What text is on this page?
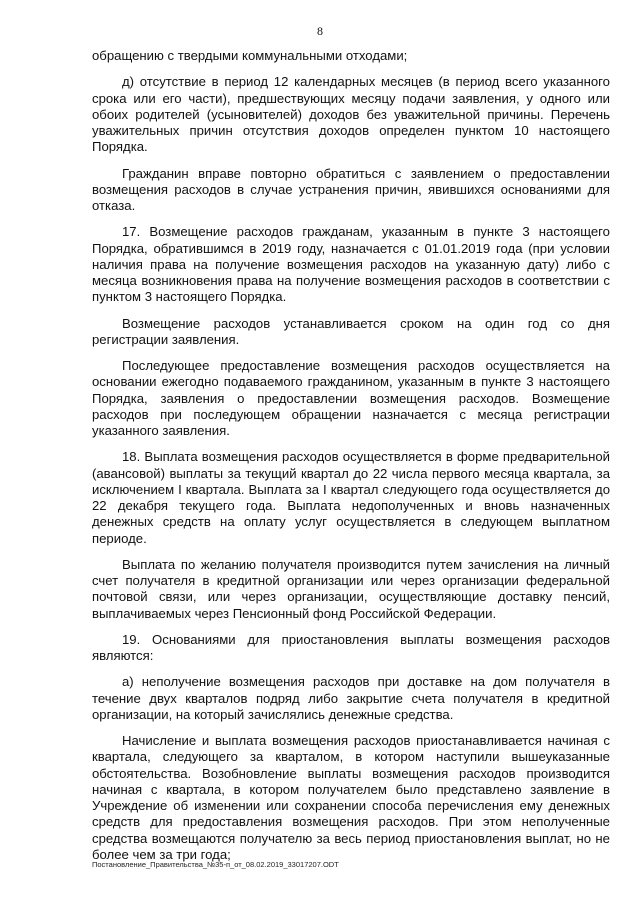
8

обращению с твердыми коммунальными отходами;

д) отсутствие в период 12 календарных месяцев (в период всего указанного срока или его части), предшествующих месяцу подачи заявления, у одного или обоих родителей (усыновителей) доходов без уважительной причины. Перечень уважительных причин отсутствия доходов определен пунктом 10 настоящего Порядка.

Гражданин вправе повторно обратиться с заявлением о предоставлении возмещения расходов в случае устранения причин, явившихся основаниями для отказа.

17. Возмещение расходов гражданам, указанным в пункте 3 настоящего Порядка, обратившимся в 2019 году, назначается с 01.01.2019 года (при условии наличия права на получение возмещения расходов на указанную дату) либо с месяца возникновения права на получение возмещения расходов в соответствии с пунктом 3 настоящего Порядка.

Возмещение расходов устанавливается сроком на один год со дня регистрации заявления.

Последующее предоставление возмещения расходов осуществляется на основании ежегодно подаваемого гражданином, указанным в пункте 3 настоящего Порядка, заявления о предоставлении возмещения расходов. Возмещение расходов при последующем обращении назначается с месяца регистрации указанного заявления.

18. Выплата возмещения расходов осуществляется в форме предварительной (авансовой) выплаты за текущий квартал до 22 числа первого месяца квартала, за исключением I квартала. Выплата за I квартал следующего года осуществляется до 22 декабря текущего года. Выплата недополученных и вновь назначенных денежных средств на оплату услуг осуществляется в следующем выплатном периоде.

Выплата по желанию получателя производится путем зачисления на личный счет получателя в кредитной организации или через организации федеральной почтовой связи, или через организации, осуществляющие доставку пенсий, выплачиваемых через Пенсионный фонд Российской Федерации.

19. Основаниями для приостановления выплаты возмещения расходов являются:

а) неполучение возмещения расходов при доставке на дом получателя в течение двух кварталов подряд либо закрытие счета получателя в кредитной организации, на который зачислялись денежные средства.

Начисление и выплата возмещения расходов приостанавливается начиная с квартала, следующего за кварталом, в котором наступили вышеуказанные обстоятельства. Возобновление выплаты возмещения расходов производится начиная с квартала, в котором получателем было представлено заявление в Учреждение об изменении или сохранении способа перечисления ему денежных средств для предоставления возмещения расходов. При этом неполученные средства возмещаются получателю за весь период приостановления выплат, но не более чем за три года;

Постановление_Правительства_№35-п_от_08.02.2019_33017207.ODT
